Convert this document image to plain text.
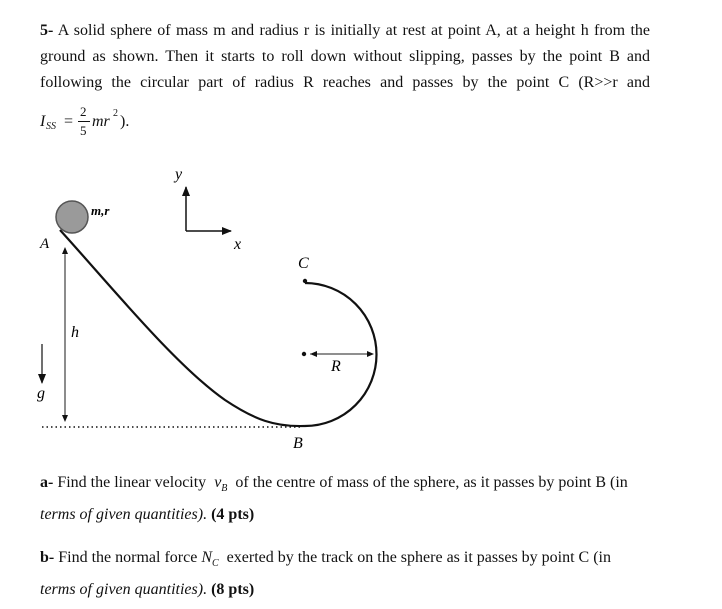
5- A solid sphere of mass m and radius r is initially at rest at point A, at a height h from the
ground as shown. Then it starts to roll down without slipping, passes by the point B and
following the circular part of radius R reaches and passes by the point C (R>>r and
I SS =
2
5
mr 2 ).
m,r
A
C
R
B
h
g
y
x
a- Find the linear velocity $v_B$ of the centre of mass of the sphere, as it passes by point B (in
terms of given quantities). (4 pts)
b- Find the normal force $N_C$ exerted by the track on the sphere as it passes by point C (in
terms of given quantities). (8 pts)
